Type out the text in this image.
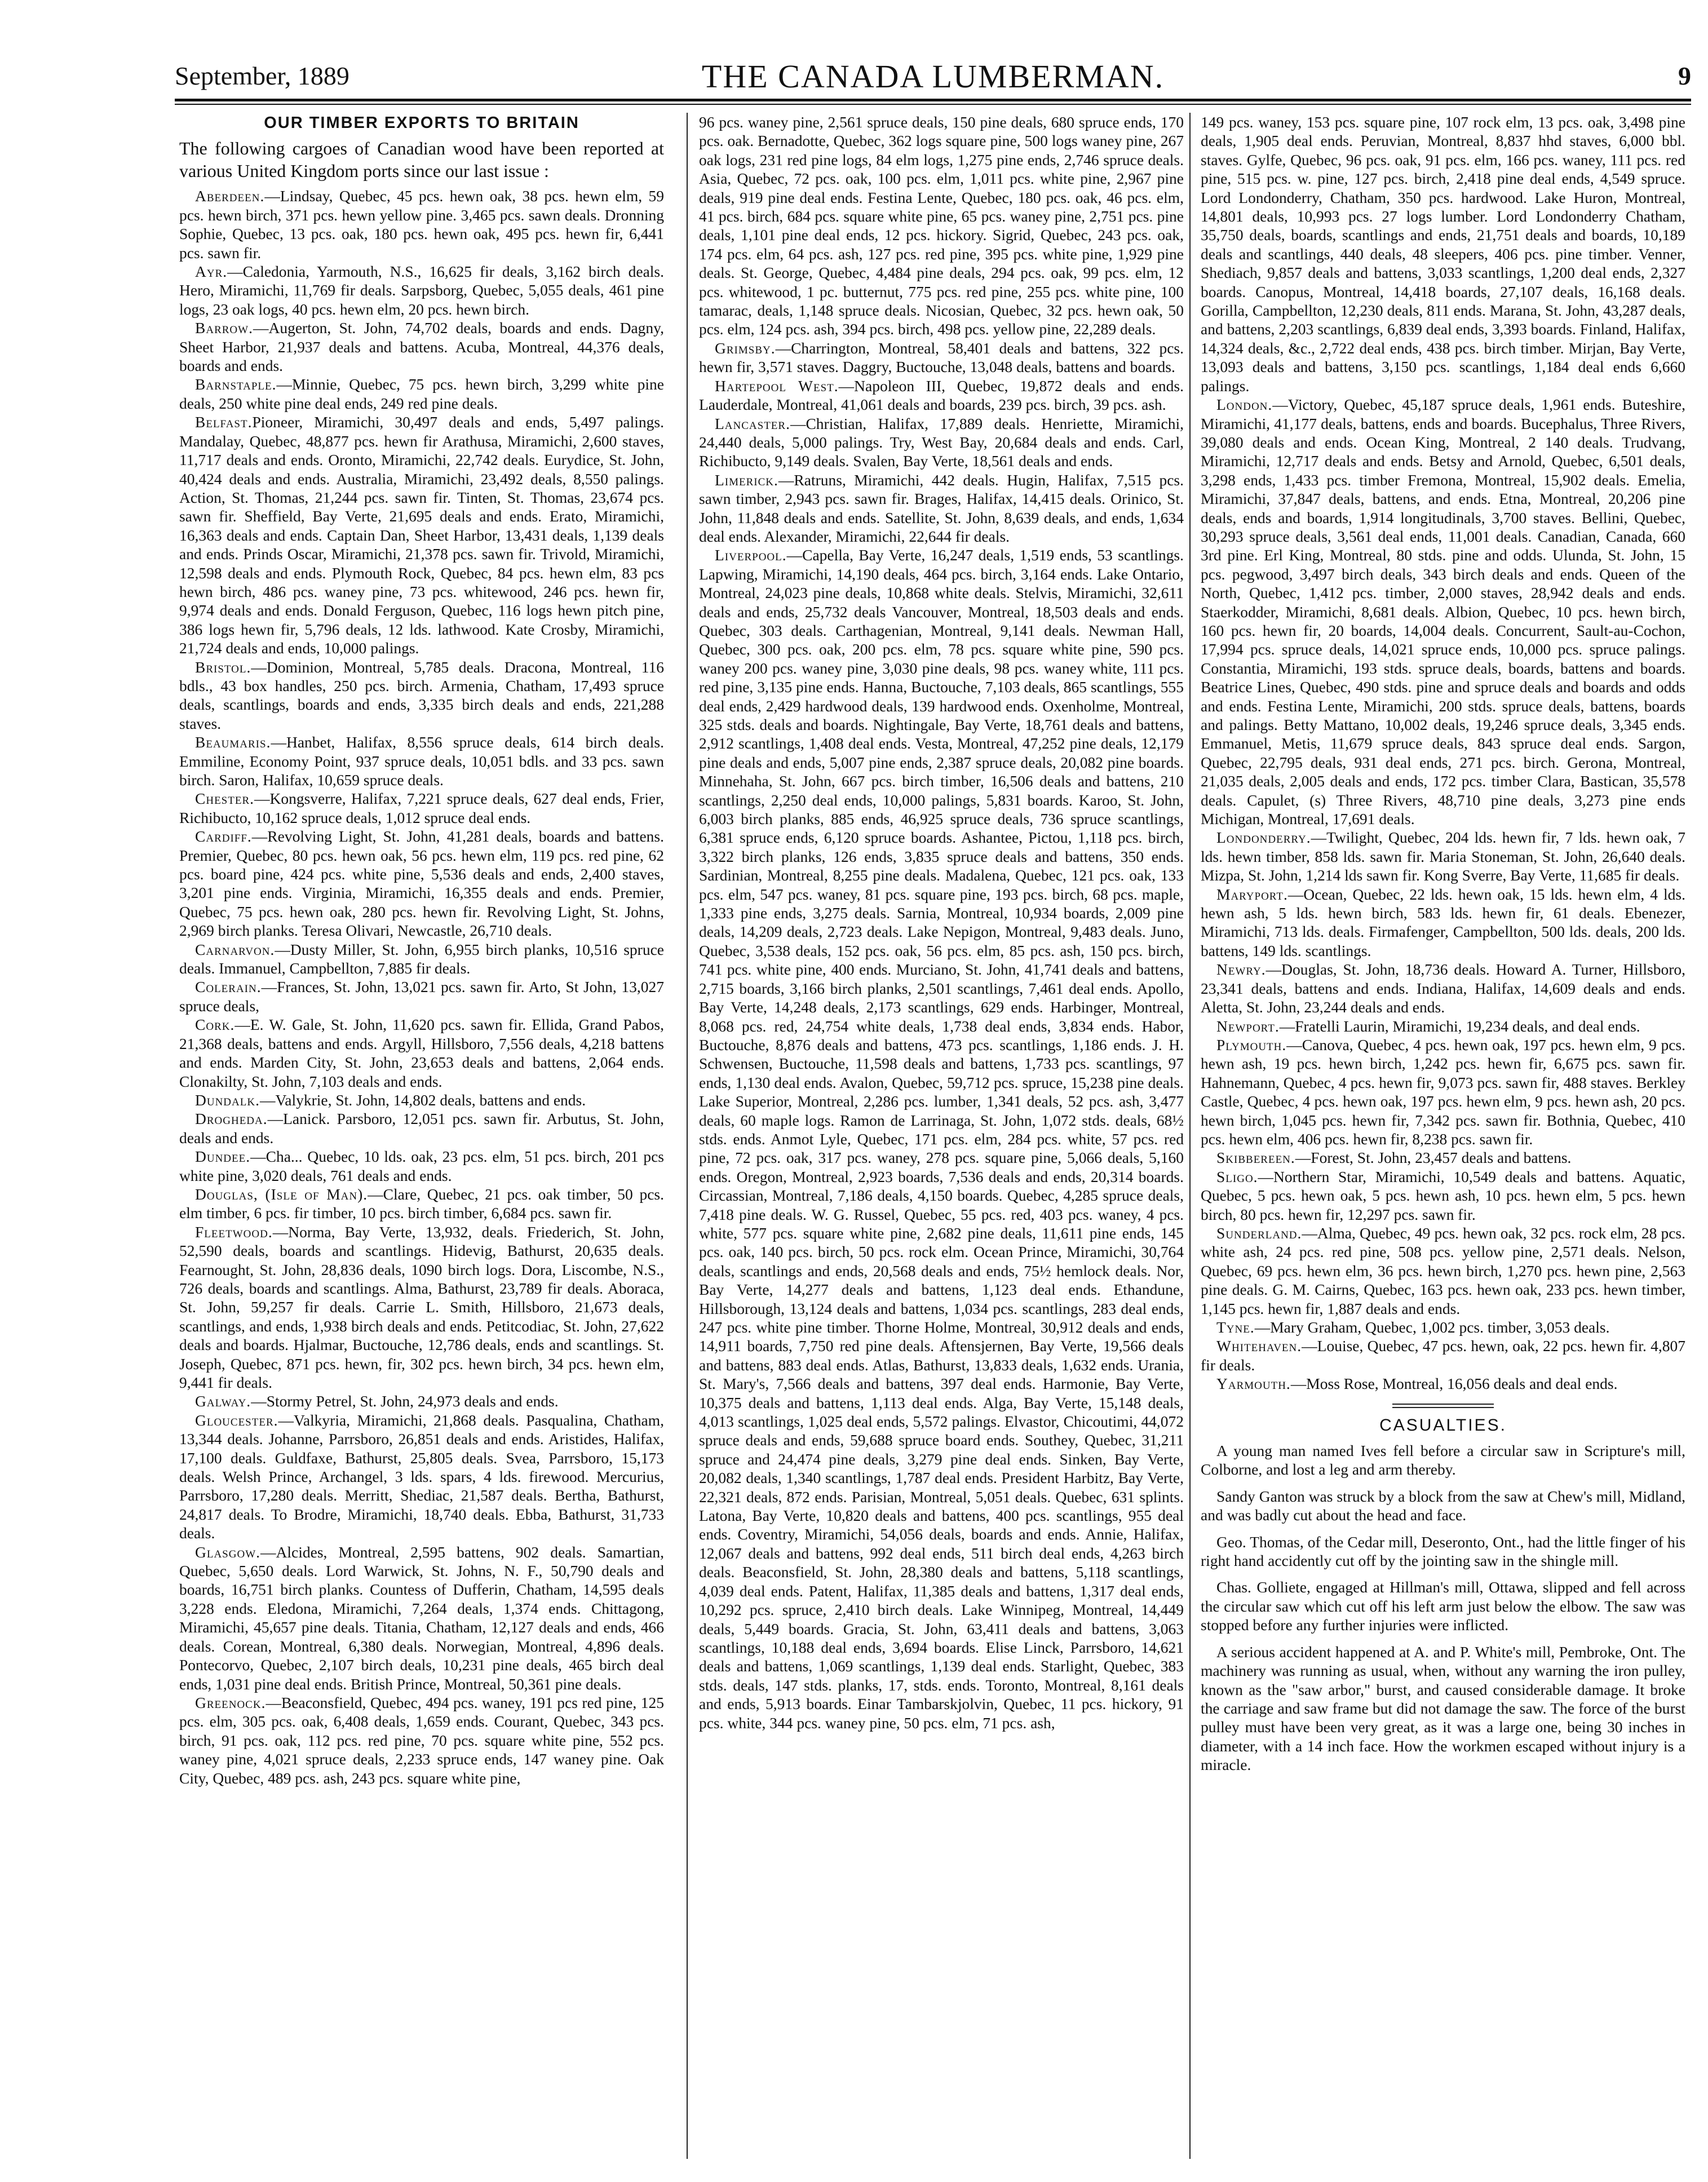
September, 1889	THE CANADA LUMBERMAN.	9
OUR TIMBER EXPORTS TO BRITAIN
The following cargoes of Canadian wood have been reported at various United Kingdom ports since our last issue :

Aberdeen.—Lindsay, Quebec, 45 pcs. hewn oak, 38 pcs. hewn elm, 59 pcs. hewn birch, 371 pcs. hewn yellow pine. 3,465 pcs. sawn deals. Dronning Sophie, Quebec, 13 pcs. oak, 180 pcs. hewn oak, 495 pcs. hewn fir, 6,441 pcs. sawn fir.

Ayr.—Caledonia, Yarmouth, N.S., 16,625 fir deals, 3,162 birch deals. Hero, Miramichi, 11,769 fir deals. Sarpsborg, Quebec, 5,055 deals, 461 pine logs, 23 oak logs, 40 pcs. hewn elm, 20 pcs. hewn birch.

Barrow.—Augerton, St. John, 74,702 deals, boards and ends. Dagny, Sheet Harbor, 21,937 deals and battens. Acuba, Montreal, 44,376 deals, boards and ends.

Barnstaple.—Minnie, Quebec, 75 pcs. hewn birch, 3,299 white pine deals, 250 white pine deal ends, 249 red pine deals.

Belfast.Pioneer, Miramichi, 30,497 deals and ends, 5,497 palings. Mandalay, Quebec, 48,877 pcs. hewn fir Arathusa, Miramichi, 2,600 staves, 11,717 deals and ends. Oronto, Miramichi, 22,742 deals. Eurydice, St. John, 40,424 deals and ends. Australia, Miramichi, 23,492 deals, 8,550 palings. Action, St. Thomas, 21,244 pcs. sawn fir. Tinten, St. Thomas, 23,674 pcs. sawn fir. Sheffield, Bay Verte, 21,695 deals and ends. Erato, Miramichi, 16,363 deals and ends. Captain Dan, Sheet Harbor, 13,431 deals, 1,139 deals and ends. Prinds Oscar, Miramichi, 21,378 pcs. sawn fir. Trivold, Miramichi, 12,598 deals and ends. Plymouth Rock, Quebec, 84 pcs. hewn elm, 83 pcs hewn birch, 486 pcs. waney pine, 73 pcs. whitewood, 246 pcs. hewn fir, 9,974 deals and ends. Donald Ferguson, Quebec, 116 logs hewn pitch pine, 386 logs hewn fir, 5,796 deals, 12 lds. lathwood. Kate Crosby, Miramichi, 21,724 deals and ends, 10,000 palings.

Bristol.—Dominion, Montreal, 5,785 deals. Dracona, Montreal, 116 bdls., 43 box handles, 250 pcs. birch. Armenia, Chatham, 17,493 spruce deals, scantlings, boards and ends, 3,335 birch deals and ends, 221,288 staves.

Beaumaris.—Hanbet, Halifax, 8,556 spruce deals, 614 birch deals. Emmiline, Economy Point, 937 spruce deals, 10,051 bdls. and 33 pcs. sawn birch. Saron, Halifax, 10,659 spruce deals.

Chester.—Kongsverre, Halifax, 7,221 spruce deals, 627 deal ends, Frier, Richibucto, 10,162 spruce deals, 1,012 spruce deal ends.

Cardiff.—Revolving Light, St. John, 41,281 deals, boards and battens. Premier, Quebec, 80 pcs. hewn oak, 56 pcs. hewn elm, 119 pcs. red pine, 62 pcs. board pine, 424 pcs. white pine, 5,536 deals and ends, 2,400 staves, 3,201 pine ends. Virginia, Miramichi, 16,355 deals and ends. Premier, Quebec, 75 pcs. hewn oak, 280 pcs. hewn fir. Revolving Light, St. Johns, 2,969 birch planks. Teresa Olivari, Newcastle, 26,710 deals.

Carnarvon.—Dusty Miller, St. John, 6,955 birch planks, 10,516 spruce deals. Immanuel, Campbellton, 7,885 fir deals.

Colerain.—Frances, St. John, 13,021 pcs. sawn fir. Arto, St John, 13,027 spruce deals,

Cork.—E. W. Gale, St. John, 11,620 pcs. sawn fir. Ellida, Grand Pabos, 21,368 deals, battens and ends. Argyll, Hillsboro, 7,556 deals, 4,218 battens and ends. Marden City, St. John, 23,653 deals and battens, 2,064 ends. Clonakilty, St. John, 7,103 deals and ends.

Dundalk.—Valykrie, St. John, 14,802 deals, battens and ends.

Drogheda.—Lanick. Parsboro, 12,051 pcs. sawn fir. Arbutus, St. John, deals and ends.

Dundee.—Cha... Quebec, 10 lds. oak, 23 pcs. elm, 51 pcs. birch, 201 pcs white pine, 3,020 deals, 761 deals and ends.

Douglas, (Isle of Man).—Clare, Quebec, 21 pcs. oak timber, 50 pcs. elm timber, 6 pcs. fir timber, 10 pcs. birch timber, 6,684 pcs. sawn fir.

Fleetwood.—Norma, Bay Verte, 13,932, deals. Friederich, St. John, 52,590 deals, boards and scantlings. Hidevig, Bathurst, 20,635 deals. Fearnought, St. John, 28,836 deals, 1090 birch logs. Dora, Liscombe, N.S., 726 deals, boards and scantlings. Alma, Bathurst, 23,789 fir deals. Aboraca, St. John, 59,257 fir deals. Carrie L. Smith, Hillsboro, 21,673 deals, scantlings, and ends, 1,938 birch deals and ends. Petitcodiac, St. John, 27,622 deals and boards. Hjalmar, Buctouche, 12,786 deals, ends and scantlings. St. Joseph, Quebec, 871 pcs. hewn, fir, 302 pcs. hewn birch, 34 pcs. hewn elm, 9,441 fir deals.

Galway.—Stormy Petrel, St. John, 24,973 deals and ends.

Gloucester.—Valkyria, Miramichi, 21,868 deals. Pasqualina, Chatham, 13,344 deals. Johanne, Parrsboro, 26,851 deals and ends. Aristides, Halifax, 17,100 deals. Guldfaxe, Bathurst, 25,805 deals. Svea, Parrsboro, 15,173 deals. Welsh Prince, Archangel, 3 lds. spars, 4 lds. firewood. Mercurius, Parrsboro, 17,280 deals. Merritt, Shediac, 21,587 deals. Bertha, Bathurst, 24,817 deals. To Brodre, Miramichi, 18,740 deals. Ebba, Bathurst, 31,733 deals.

Glasgow.—Alcides, Montreal, 2,595 battens, 902 deals. Samartian, Quebec, 5,650 deals. Lord Warwick, St. Johns, N. F., 50,790 deals and boards, 16,751 birch planks. Countess of Dufferin, Chatham, 14,595 deals 3,228 ends. Eledona, Miramichi, 7,264 deals, 1,374 ends. Chittagong, Miramichi, 45,657 pine deals. Titania, Chatham, 12,127 deals and ends, 466 deals. Corean, Montreal, 6,380 deals. Norwegian, Montreal, 4,896 deals. Pontecorvo, Quebec, 2,107 birch deals, 10,231 pine deals, 465 birch deal ends, 1,031 pine deal ends. British Prince, Montreal, 50,361 pine deals.

Greenock.—Beaconsfield, Quebec, 494 pcs. waney, 191 pcs red pine, 125 pcs. elm, 305 pcs. oak, 6,408 deals, 1,659 ends. Courant, Quebec, 343 pcs. birch, 91 pcs. oak, 112 pcs. red pine, 70 pcs. square white pine, 552 pcs. waney pine, 4,021 spruce deals, 2,233 spruce ends, 147 waney pine. Oak City, Quebec, 489 pcs. ash, 243 pcs. square white pine,

96 pcs. waney pine, 2,561 spruce deals, 150 pine deals, 680 spruce ends, 170 pcs. oak. Bernadotte, Quebec, 362 logs square pine, 500 logs waney pine, 267 oak logs, 231 red pine logs, 84 elm logs, 1,275 pine ends, 2,746 spruce deals. Asia, Quebec, 72 pcs. oak, 100 pcs. elm, 1,011 pcs. white pine, 2,967 pine deals, 919 pine deal ends. Festina Lente, Quebec, 180 pcs. oak, 46 pcs. elm, 41 pcs. birch, 684 pcs. square white pine, 65 pcs. waney pine, 2,751 pcs. pine deals, 1,101 pine deal ends, 12 pcs. hickory. Sigrid, Quebec, 243 pcs. oak, 174 pcs. elm, 64 pcs. ash, 127 pcs. red pine, 395 pcs. white pine, 1,929 pine deals. St. George, Quebec, 4,484 pine deals, 294 pcs. oak, 99 pcs. elm, 12 pcs. whitewood, 1 pc. butternut, 775 pcs. red pine, 255 pcs. white pine, 100 tamarac, deals, 1,148 spruce deals. Nicosian, Quebec, 32 pcs. hewn oak, 50 pcs. elm, 124 pcs. ash, 394 pcs. birch, 498 pcs. yellow pine, 22,289 deals.

Grimsby.—Charrington, Montreal, 58,401 deals and battens, 322 pcs. hewn fir, 3,571 staves. Daggry, Buctouche, 13,048 deals, battens and boards.

Hartepool West.—Napoleon III, Quebec, 19,872 deals and ends. Lauderdale, Montreal, 41,061 deals and boards, 239 pcs. birch, 39 pcs. ash.

Lancaster.—Christian, Halifax, 17,889 deals. Henriette, Miramichi, 24,440 deals, 5,000 palings. Try, West Bay, 20,684 deals and ends. Carl, Richibucto, 9,149 deals. Svalen, Bay Verte, 18,561 deals and ends.

Limerick.—Ratruns, Miramichi, 442 deals. Hugin, Halifax, 7,515 pcs. sawn timber, 2,943 pcs. sawn fir. Brages, Halifax, 14,415 deals. Orinico, St. John, 11,848 deals and ends. Satellite, St. John, 8,639 deals, and ends, 1,634 deal ends. Alexander, Miramichi, 22,644 fir deals.

Liverpool.—Capella, Bay Verte, 16,247 deals, 1,519 ends, 53 scantlings. Lapwing, Miramichi, 14,190 deals, 464 pcs. birch, 3,164 ends. Lake Ontario, Montreal, 24,023 pine deals, 10,868 white deals. Stelvis, Miramichi, 32,611 deals and ends, 25,732 deals Vancouver, Montreal, 18,503 deals and ends. Quebec, 303 deals. Carthagenian, Montreal, 9,141 deals. Newman Hall, Quebec, 300 pcs. oak, 200 pcs. elm, 78 pcs. square white pine, 590 pcs. waney 200 pcs. waney pine, 3,030 pine deals, 98 pcs. waney white, 111 pcs. red pine, 3,135 pine ends. Hanna, Buctouche, 7,103 deals, 865 scantlings, 555 deal ends, 2,429 hardwood deals, 139 hardwood ends. Oxenholme, Montreal, 325 stds. deals and boards. Nightingale, Bay Verte, 18,761 deals and battens, 2,912 scantlings, 1,408 deal ends. Vesta, Montreal, 47,252 pine deals, 12,179 pine deals and ends, 5,007 pine ends, 2,387 spruce deals, 20,082 pine boards. Minnehaha, St. John, 667 pcs. birch timber, 16,506 deals and battens, 210 scantlings, 2,250 deal ends, 10,000 palings, 5,831 boards. Karoo, St. John, 6,003 birch planks, 885 ends, 46,925 spruce deals, 736 spruce scantlings, 6,381 spruce ends, 6,120 spruce boards. Ashantee, Pictou, 1,118 pcs. birch, 3,322 birch planks, 126 ends, 3,835 spruce deals and battens, 350 ends. Sardinian, Montreal, 8,255 pine deals. Madalena, Quebec, 121 pcs. oak, 133 pcs. elm, 547 pcs. waney, 81 pcs. square pine, 193 pcs. birch, 68 pcs. maple, 1,333 pine ends, 3,275 deals. Sarnia, Montreal, 10,934 boards, 2,009 pine deals, 14,209 deals, 2,723 deals. Lake Nepigon, Montreal, 9,483 deals. Juno, Quebec, 3,538 deals, 152 pcs. oak, 56 pcs. elm, 85 pcs. ash, 150 pcs. birch, 741 pcs. white pine, 400 ends. Murciano, St. John, 41,741 deals and battens, 2,715 boards, 3,166 birch planks, 2,501 scantlings, 7,461 deal ends. Apollo, Bay Verte, 14,248 deals, 2,173 scantlings, 629 ends. Harbinger, Montreal, 8,068 pcs. red, 24,754 white deals, 1,738 deal ends, 3,834 ends. Habor, Buctouche, 8,876 deals and battens, 473 pcs. scantlings, 1,186 ends. J. H. Schwensen, Buctouche, 11,598 deals and battens, 1,733 pcs. scantlings, 97 ends, 1,130 deal ends. Avalon, Quebec, 59,712 pcs. spruce, 15,238 pine deals. Lake Superior, Montreal, 2,286 pcs. lumber, 1,341 deals, 52 pcs. ash, 3,477 deals, 60 maple logs. Ramon de Larrinaga, St. John, 1,072 stds. deals, 68½ stds. ends. Anmot Lyle, Quebec, 171 pcs. elm, 284 pcs. white, 57 pcs. red pine, 72 pcs. oak, 317 pcs. waney, 278 pcs. square pine, 5,066 deals, 5,160 ends. Oregon, Montreal, 2,923 boards, 7,536 deals and ends, 20,314 boards. Circassian, Montreal, 7,186 deals, 4,150 boards. Quebec, 4,285 spruce deals, 7,418 pine deals. W. G. Russel, Quebec, 55 pcs. red, 403 pcs. waney, 4 pcs. white, 577 pcs. square white pine, 2,682 pine deals, 11,611 pine ends, 145 pcs. oak, 140 pcs. birch, 50 pcs. rock elm. Ocean Prince, Miramichi, 30,764 deals, scantlings and ends, 20,568 deals and ends, 75½ hemlock deals. Nor, Bay Verte, 14,277 deals and battens, 1,123 deal ends. Ethandune, Hillsborough, 13,124 deals and battens, 1,034 pcs. scantlings, 283 deal ends, 247 pcs. white pine timber. Thorne Holme, Montreal, 30,912 deals and ends, 14,911 boards, 7,750 red pine deals. Aftensjernen, Bay Verte, 19,566 deals and battens, 883 deal ends. Atlas, Bathurst, 13,833 deals, 1,632 ends. Urania, St. Mary's, 7,566 deals and battens, 397 deal ends. Harmonie, Bay Verte, 10,375 deals and battens, 1,113 deal ends. Alga, Bay Verte, 15,148 deals, 4,013 scantlings, 1,025 deal ends, 5,572 palings. Elvastor, Chicoutimi, 44,072 spruce deals and ends, 59,688 spruce board ends. Southey, Quebec, 31,211 spruce and 24,474 pine deals, 3,279 pine deal ends. Sinken, Bay Verte, 20,082 deals, 1,340 scantlings, 1,787 deal ends. President Harbitz, Bay Verte, 22,321 deals, 872 ends. Parisian, Montreal, 5,051 deals. Quebec, 631 splints. Latona, Bay Verte, 10,820 deals and battens, 400 pcs. scantlings, 955 deal ends. Coventry, Miramichi, 54,056 deals, boards and ends. Annie, Halifax, 12,067 deals and battens, 992 deal ends, 511 birch deal ends, 4,263 birch deals. Beaconsfield, St. John, 28,380 deals and battens, 5,118 scantlings, 4,039 deal ends. Patent, Halifax, 11,385 deals and battens, 1,317 deal ends, 10,292 pcs. spruce, 2,410 birch deals. Lake Winnipeg, Montreal, 14,449 deals, 5,449 boards. Gracia, St. John, 63,411 deals and battens, 3,063 scantlings, 10,188 deal ends, 3,694 boards. Elise Linck, Parrsboro, 14,621 deals and battens, 1,069 scantlings, 1,139 deal ends. Starlight, Quebec, 383 stds. deals, 147 stds. planks, 17, stds. ends. Toronto, Montreal, 8,161 deals and ends, 5,913 boards. Einar Tambarskjolvin, Quebec, 11 pcs. hickory, 91 pcs. white, 344 pcs. waney pine, 50 pcs. elm, 71 pcs. ash,

149 pcs. waney, 153 pcs. square pine, 107 rock elm, 13 pcs. oak, 3,498 pine deals, 1,905 deal ends. Peruvian, Montreal, 8,837 hhd staves, 6,000 bbl. staves. Gylfe, Quebec, 96 pcs. oak, 91 pcs. elm, 166 pcs. waney, 111 pcs. red pine, 515 pcs. w. pine, 127 pcs. birch, 2,418 pine deal ends, 4,549 spruce. Lord Londonderry, Chatham, 350 pcs. hardwood. Lake Huron, Montreal, 14,801 deals, 10,993 pcs. 27 logs lumber. Lord Londonderry Chatham, 35,750 deals, boards, scantlings and ends, 21,751 deals and boards, 10,189 deals and scantlings, 440 deals, 48 sleepers, 406 pcs. pine timber. Venner, Shediach, 9,857 deals and battens, 3,033 scantlings, 1,200 deal ends, 2,327 boards. Canopus, Montreal, 14,418 boards, 27,107 deals, 16,168 deals. Gorilla, Campbellton, 12,230 deals, 811 ends. Marana, St. John, 43,287 deals, and battens, 2,203 scantlings, 6,839 deal ends, 3,393 boards. Finland, Halifax, 14,324 deals, &c., 2,722 deal ends, 438 pcs. birch timber. Mirjan, Bay Verte, 13,093 deals and battens, 3,150 pcs. scantlings, 1,184 deal ends 6,660 palings.

London.—Victory, Quebec, 45,187 spruce deals, 1,961 ends. Buteshire, Miramichi, 41,177 deals, battens, ends and boards. Bucephalus, Three Rivers, 39,080 deals and ends. Ocean King, Montreal, 2 140 deals. Trudvang, Miramichi, 12,717 deals and ends. Betsy and Arnold, Quebec, 6,501 deals, 3,298 ends, 1,433 pcs. timber Fremona, Montreal, 15,902 deals. Emelia, Miramichi, 37,847 deals, battens, and ends. Etna, Montreal, 20,206 pine deals, ends and boards, 1,914 longitudinals, 3,700 staves. Bellini, Quebec, 30,293 spruce deals, 3,561 deal ends, 11,001 deals. Canadian, Canada, 660 3rd pine. Erl King, Montreal, 80 stds. pine and odds. Ulunda, St. John, 15 pcs. pegwood, 3,497 birch deals, 343 birch deals and ends. Queen of the North, Quebec, 1,412 pcs. timber, 2,000 staves, 28,942 deals and ends. Staerkodder, Miramichi, 8,681 deals. Albion, Quebec, 10 pcs. hewn birch, 160 pcs. hewn fir, 20 boards, 14,004 deals. Concurrent, Sault-au-Cochon, 17,994 pcs. spruce deals, 14,021 spruce ends, 10,000 pcs. spruce palings. Constantia, Miramichi, 193 stds. spruce deals, boards, battens and boards. Beatrice Lines, Quebec, 490 stds. pine and spruce deals and boards and odds and ends. Festina Lente, Miramichi, 200 stds. spruce deals, battens, boards and palings. Betty Mattano, 10,002 deals, 19,246 spruce deals, 3,345 ends. Emmanuel, Metis, 11,679 spruce deals, 843 spruce deal ends. Sargon, Quebec, 22,795 deals, 931 deal ends, 271 pcs. birch. Gerona, Montreal, 21,035 deals, 2,005 deals and ends, 172 pcs. timber Clara, Bastican, 35,578 deals. Capulet, (s) Three Rivers, 48,710 pine deals, 3,273 pine ends Michigan, Montreal, 17,691 deals.

Londonderry.—Twilight, Quebec, 204 lds. hewn fir, 7 lds. hewn oak, 7 lds. hewn timber, 858 lds. sawn fir. Maria Stoneman, St. John, 26,640 deals. Mizpa, St. John, 1,214 lds sawn fir. Kong Sverre, Bay Verte, 11,685 fir deals.

Maryport.—Ocean, Quebec, 22 lds. hewn oak, 15 lds. hewn elm, 4 lds. hewn ash, 5 lds. hewn birch, 583 lds. hewn fir, 61 deals. Ebenezer, Miramichi, 713 lds. deals. Firmafenger, Campbellton, 500 lds. deals, 200 lds. battens, 149 lds. scantlings.

Newry.—Douglas, St. John, 18,736 deals. Howard A. Turner, Hillsboro, 23,341 deals, battens and ends. Indiana, Halifax, 14,609 deals and ends. Aletta, St. John, 23,244 deals and ends.

Newport.—Fratelli Laurin, Miramichi, 19,234 deals, and deal ends.

Plymouth.—Canova, Quebec, 4 pcs. hewn oak, 197 pcs. hewn elm, 9 pcs. hewn ash, 19 pcs. hewn birch, 1,242 pcs. hewn fir, 6,675 pcs. sawn fir. Hahnemann, Quebec, 4 pcs. hewn fir, 9,073 pcs. sawn fir, 488 staves. Berkley Castle, Quebec, 4 pcs. hewn oak, 197 pcs. hewn elm, 9 pcs. hewn ash, 20 pcs. hewn birch, 1,045 pcs. hewn fir, 7,342 pcs. sawn fir. Bothnia, Quebec, 410 pcs. hewn elm, 406 pcs. hewn fir, 8,238 pcs. sawn fir.

Skibbereen.—Forest, St. John, 23,457 deals and battens.

Sligo.—Northern Star, Miramichi, 10,549 deals and battens. Aquatic, Quebec, 5 pcs. hewn oak, 5 pcs. hewn ash, 10 pcs. hewn elm, 5 pcs. hewn birch, 80 pcs. hewn fir, 12,297 pcs. sawn fir.

Sunderland.—Alma, Quebec, 49 pcs. hewn oak, 32 pcs. rock elm, 28 pcs. white ash, 24 pcs. red pine, 508 pcs. yellow pine, 2,571 deals. Nelson, Quebec, 69 pcs. hewn elm, 36 pcs. hewn birch, 1,270 pcs. hewn pine, 2,563 pine deals. G. M. Cairns, Quebec, 163 pcs. hewn oak, 233 pcs. hewn timber, 1,145 pcs. hewn fir, 1,887 deals and ends.

Tyne.—Mary Graham, Quebec, 1,002 pcs. timber, 3,053 deals.

Whitehaven.—Louise, Quebec, 47 pcs. hewn, oak, 22 pcs. hewn fir. 4,807 fir deals.

Yarmouth.—Moss Rose, Montreal, 16,056 deals and deal ends.

CASUALTIES.

A young man named Ives fell before a circular saw in Scripture's mill, Colborne, and lost a leg and arm thereby.

Sandy Ganton was struck by a block from the saw at Chew's mill, Midland, and was badly cut about the head and face.

Geo. Thomas, of the Cedar mill, Deseronto, Ont., had the little finger of his right hand accidently cut off by the jointing saw in the shingle mill.

Chas. Golliete, engaged at Hillman's mill, Ottawa, slipped and fell across the circular saw which cut off his left arm just below the elbow. The saw was stopped before any further injuries were inflicted.

A serious accident happened at A. and P. White's mill, Pembroke, Ont. The machinery was running as usual, when, without any warning the iron pulley, known as the "saw arbor," burst, and caused considerable damage. It broke the carriage and saw frame but did not damage the saw. The force of the burst pulley must have been very great, as it was a large one, being 30 inches in diameter, with a 14 inch face. How the workmen escaped without injury is a miracle.
